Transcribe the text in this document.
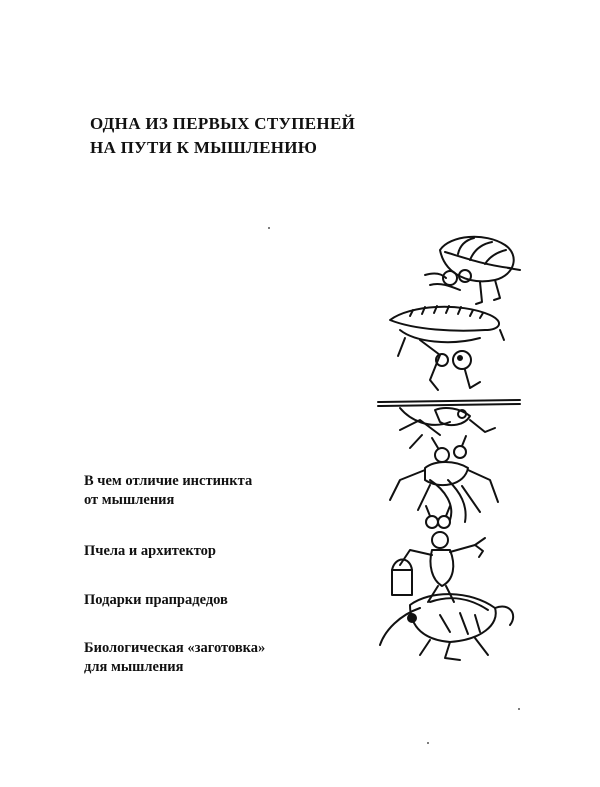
ОДНА ИЗ ПЕРВЫХ СТУПЕНЕЙ
НА ПУТИ К МЫШЛЕНИЮ
В чем отличие инстинкта
от мышления
Пчела и архитектор
Подарки прапрадедов
Биологическая «заготовка»
для мышления
